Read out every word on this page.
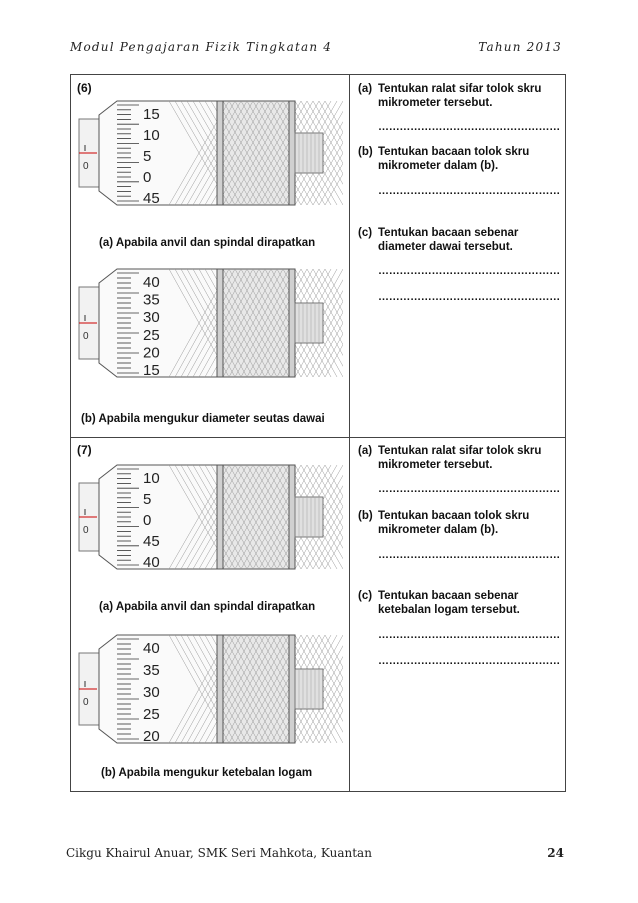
Modul Pengajaran Fizik Tingkatan 4	Tahun 2013
(6)
0
15
10
5
0
45
(a) Apabila anvil dan spindal dirapatkan
0
40
35
30
25
20
15
(b) Apabila mengukur diameter seutas dawai
(a) Tentukan ralat sifar tolok skru
mikrometer tersebut.
……………………………………………
(b) Tentukan bacaan tolok skru
mikrometer dalam (b).
……………………………………………
(c) Tentukan bacaan sebenar
diameter dawai tersebut.
……………………………………………
……………………………………………
(7)
0
10
5
0
45
40
(a) Apabila anvil dan spindal dirapatkan
0
40
35
30
25
20
(b) Apabila mengukur ketebalan logam
(a) Tentukan ralat sifar tolok skru
mikrometer tersebut.
……………………………………………
(b) Tentukan bacaan tolok skru
mikrometer dalam (b).
……………………………………………
(c) Tentukan bacaan sebenar
ketebalan logam tersebut.
……………………………………………
……………………………………………
Cikgu Khairul Anuar, SMK Seri Mahkota, Kuantan	24
